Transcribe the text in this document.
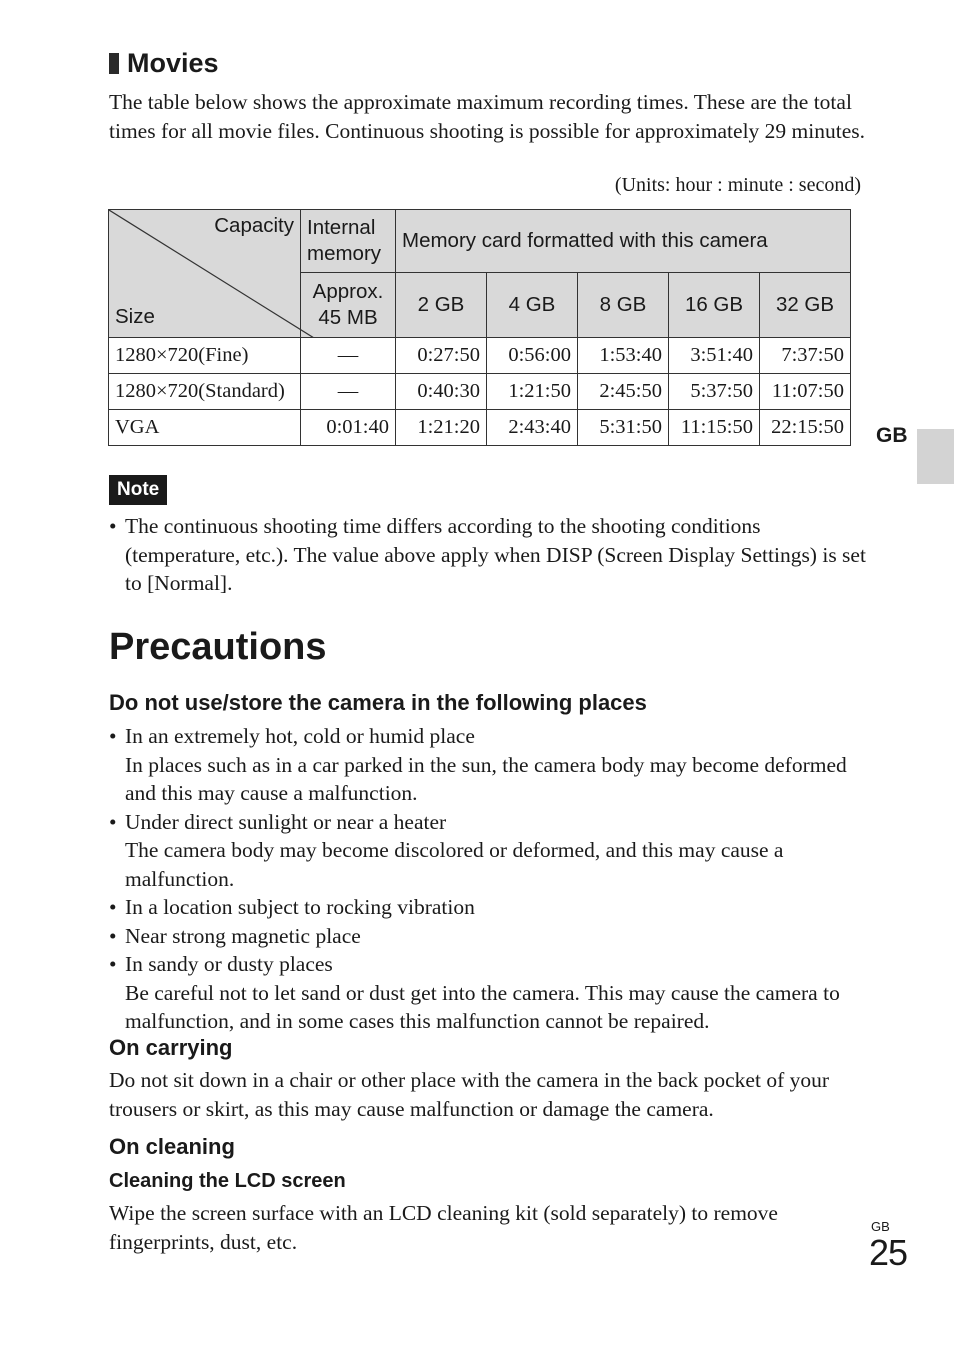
Movies
The table below shows the approximate maximum recording times. These are the total times for all movie files. Continuous shooting is possible for approximately 29 minutes.
(Units: hour : minute : second)
Capacity
Size	Internal memory	Memory card formatted with this camera				
	Approx. 45 MB	2 GB	4 GB	8 GB	16 GB	32 GB
1280×720(Fine)	—	0:27:50	0:56:00	1:53:40	3:51:40	7:37:50
1280×720(Standard)	—	0:40:30	1:21:50	2:45:50	5:37:50	11:07:50
VGA	0:01:40	1:21:20	2:43:40	5:31:50	11:15:50	22:15:50 GB
Note
• The continuous shooting time differs according to the shooting conditions (temperature, etc.). The value above apply when DISP (Screen Display Settings) is set to [Normal].
Precautions
Do not use/store the camera in the following places
• In an extremely hot, cold or humid place
In places such as in a car parked in the sun, the camera body may become deformed and this may cause a malfunction.
• Under direct sunlight or near a heater
The camera body may become discolored or deformed, and this may cause a malfunction.
• In a location subject to rocking vibration
• Near strong magnetic place
• In sandy or dusty places
Be careful not to let sand or dust get into the camera. This may cause the camera to malfunction, and in some cases this malfunction cannot be repaired.
On carrying
Do not sit down in a chair or other place with the camera in the back pocket of your trousers or skirt, as this may cause malfunction or damage the camera.
On cleaning
Cleaning the LCD screen
Wipe the screen surface with an LCD cleaning kit (sold separately) to remove fingerprints, dust, etc.
GB
25
